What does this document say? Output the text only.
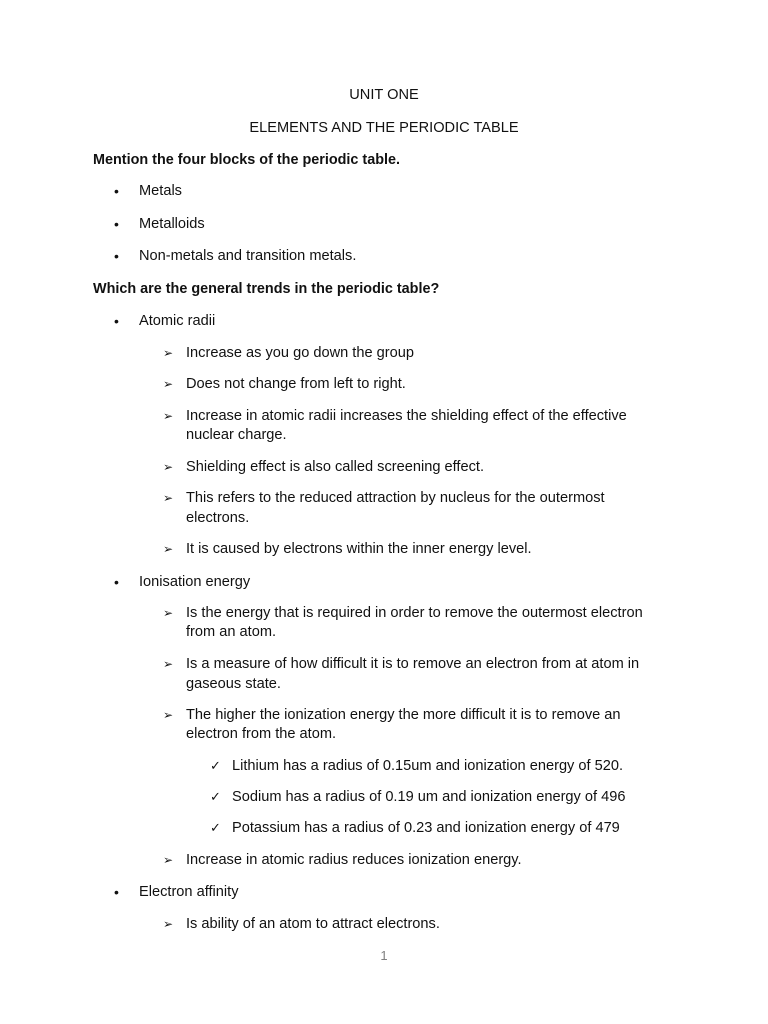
UNIT ONE
ELEMENTS AND THE PERIODIC TABLE
Mention the four blocks of the periodic table.
• Metals
• Metalloids
• Non-metals and transition metals.
Which are the general trends in the periodic table?
• Atomic radii
➢ Increase as you go down the group
➢ Does not change from left to right.
➢ Increase in atomic radii increases the shielding effect of the effective
nuclear charge.
➢ Shielding effect is also called screening effect.
➢ This refers to the reduced attraction by nucleus for the outermost
electrons.
➢ It is caused by electrons within the inner energy level.
• Ionisation energy
➢ Is the energy that is required in order to remove the outermost electron
from an atom.
➢ Is a measure of how difficult it is to remove an electron from at atom in
gaseous state.
➢ The higher the ionization energy the more difficult it is to remove an
electron from the atom.
✓ Lithium has a radius of 0.15um and ionization energy of 520.
✓ Sodium has a radius of 0.19 um and ionization energy of 496
✓ Potassium has a radius of 0.23 and ionization energy of 479
➢ Increase in atomic radius reduces ionization energy.
• Electron affinity
➢ Is ability of an atom to attract electrons.
1
